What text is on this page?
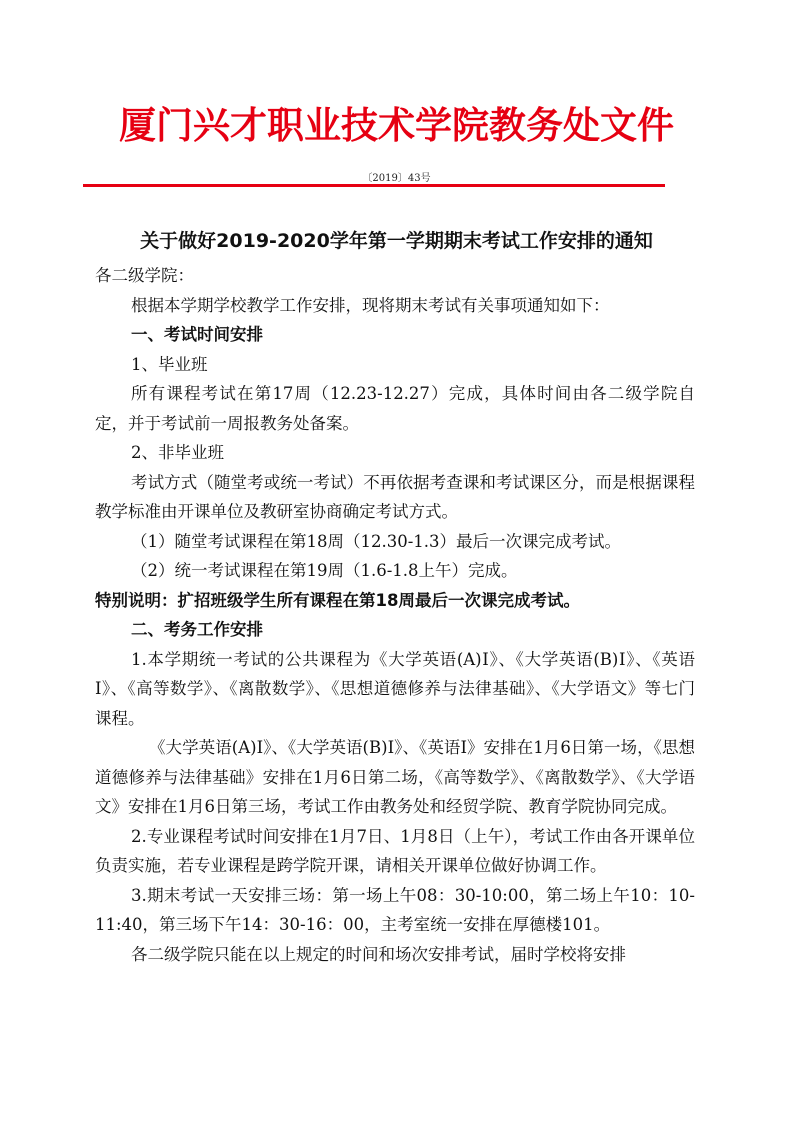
厦门兴才职业技术学院教务处文件
〔2019〕43号
关于做好2019-2020学年第一学期期末考试工作安排的通知

各二级学院：

根据本学期学校教学工作安排，现将期末考试有关事项通知如下：

一、考试时间安排

1、毕业班

所有课程考试在第17周（12.23-12.27）完成，具体时间由各二级学院自定，并于考试前一周报教务处备案。

2、非毕业班

考试方式（随堂考或统一考试）不再依据考查课和考试课区分，而是根据课程教学标准由开课单位及教研室协商确定考试方式。

（1）随堂考试课程在第18周（12.30-1.3）最后一次课完成考试。

（2）统一考试课程在第19周（1.6-1.8上午）完成。

特别说明：扩招班级学生所有课程在第18周最后一次课完成考试。

二、考务工作安排

1.本学期统一考试的公共课程为《大学英语(A)Ⅰ》、《大学英语(B)Ⅰ》、《英语Ⅰ》、《高等数学》、《离散数学》、《思想道德修养与法律基础》、《大学语文》等七门课程。

《大学英语(A)Ⅰ》、《大学英语(B)Ⅰ》、《英语Ⅰ》安排在1月6日第一场，《思想道德修养与法律基础》安排在1月6日第二场，《高等数学》、《离散数学》、《大学语文》安排在1月6日第三场，考试工作由教务处和经贸学院、教育学院协同完成。

2.专业课程考试时间安排在1月7日、1月8日（上午），考试工作由各开课单位负责实施，若专业课程是跨学院开课，请相关开课单位做好协调工作。

3.期末考试一天安排三场：第一场上午08：30-10:00，第二场上午10：10-11:40，第三场下午14：30-16：00，主考室统一安排在厚德楼101。

各二级学院只能在以上规定的时间和场次安排考试，届时学校将安排
